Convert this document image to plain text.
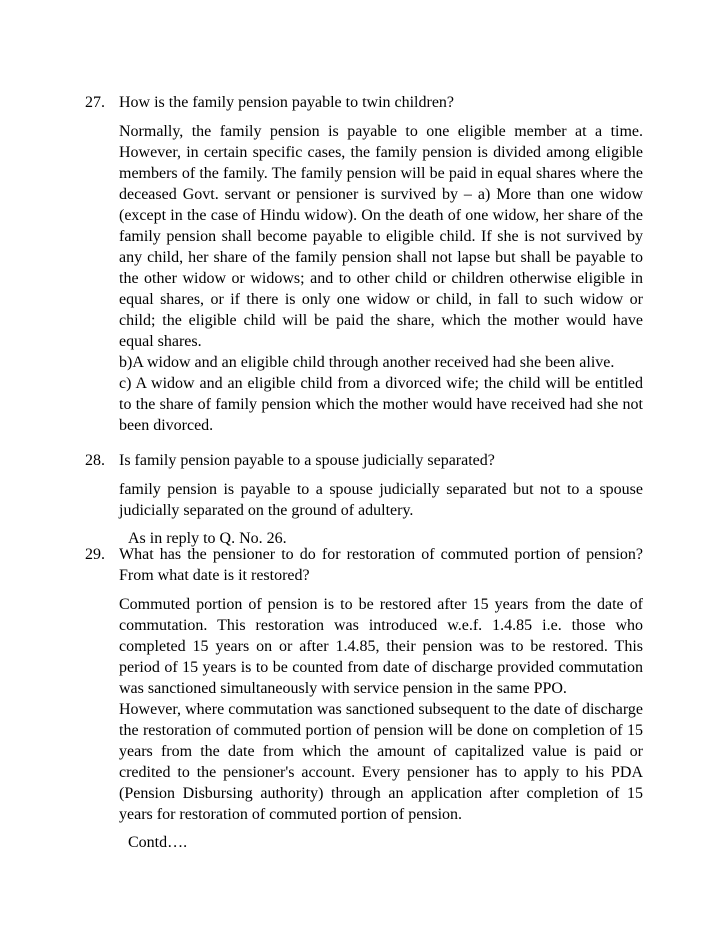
27. How is the family pension payable to twin children?

Normally, the family pension is payable to one eligible member at a time. However, in certain specific cases, the family pension is divided among eligible members of the family. The family pension will be paid in equal shares where the deceased Govt. servant or pensioner is survived by – a) More than one widow (except in the case of Hindu widow). On the death of one widow, her share of the family pension shall become payable to eligible child. If she is not survived by any child, her share of the family pension shall not lapse but shall be payable to the other widow or widows; and to other child or children otherwise eligible in equal shares, or if there is only one widow or child, in fall to such widow or child; the eligible child will be paid the share, which the mother would have equal shares.

b)A widow and an eligible child through another received had she been alive.

c) A widow and an eligible child from a divorced wife; the child will be entitled to the share of family pension which the mother would have received had she not been divorced.

28. Is family pension payable to a spouse judicially separated?

family pension is payable to a spouse judicially separated but not to a spouse judicially separated on the ground of adultery.

As in reply to Q. No. 26.

29. What has the pensioner to do for restoration of commuted portion of pension? From what date is it restored?

Commuted portion of pension is to be restored after 15 years from the date of commutation. This restoration was introduced w.e.f. 1.4.85 i.e. those who completed 15 years on or after 1.4.85, their pension was to be restored. This period of 15 years is to be counted from date of discharge provided commutation was sanctioned simultaneously with service pension in the same PPO.

However, where commutation was sanctioned subsequent to the date of discharge the restoration of commuted portion of pension will be done on completion of 15 years from the date from which the amount of capitalized value is paid or credited to the pensioner's account. Every pensioner has to apply to his PDA (Pension Disbursing authority) through an application after completion of 15 years for restoration of commuted portion of pension.

Contd….
